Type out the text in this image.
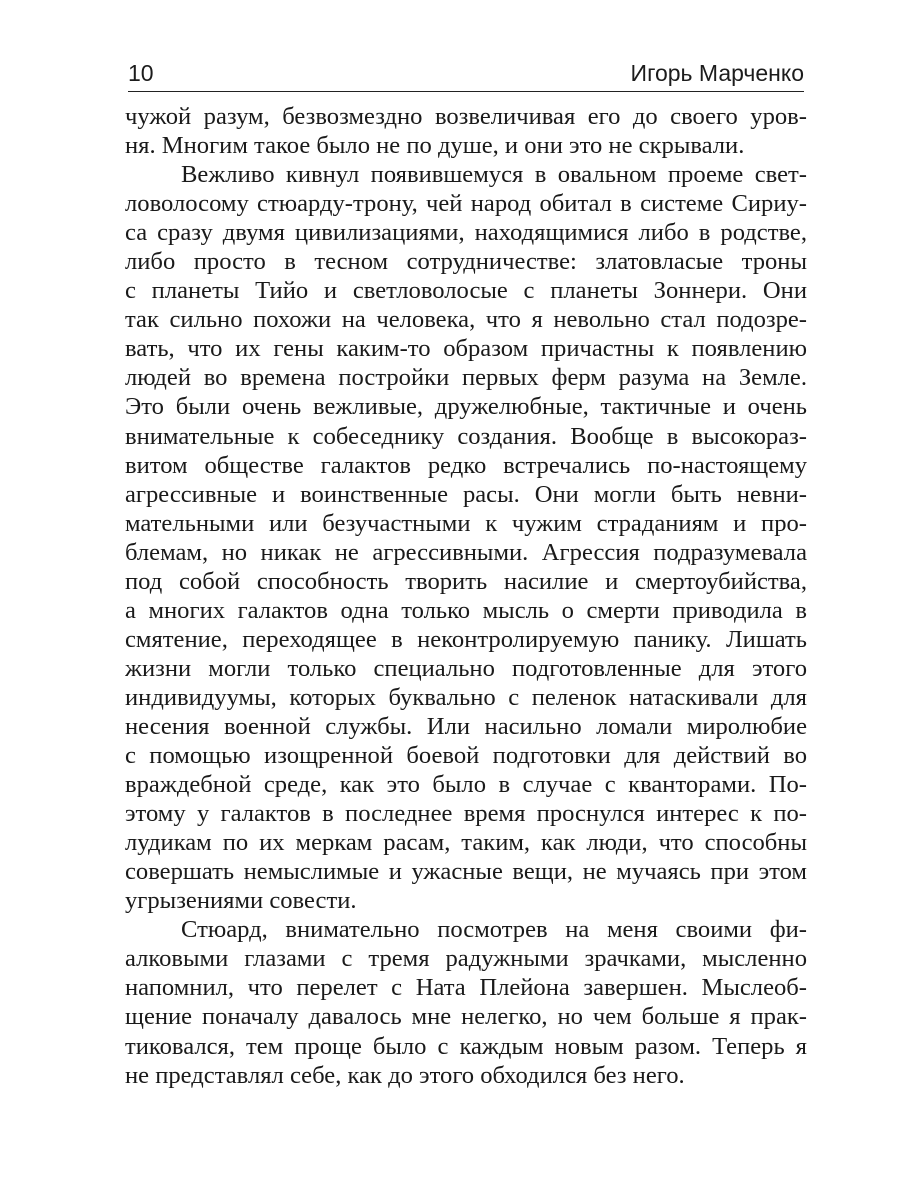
10	Игорь Марченко
чужой разум, безвозмездно возвеличивая его до своего уров-
ня. Многим такое было не по душе, и они это не скрывали.
Вежливо кивнул появившемуся в овальном проеме свет-
ловолосому стюарду-трону, чей народ обитал в системе Сириу-
са сразу двумя цивилизациями, находящимися либо в родстве,
либо просто в тесном сотрудничестве: златовласые троны
с планеты Тийо и светловолосые с планеты Зоннери. Они
так сильно похожи на человека, что я невольно стал подозре-
вать, что их гены каким-то образом причастны к появлению
людей во времена постройки первых ферм разума на Земле.
Это были очень вежливые, дружелюбные, тактичные и очень
внимательные к собеседнику создания. Вообще в высокораз-
витом обществе галактов редко встречались по-настоящему
агрессивные и воинственные расы. Они могли быть невни-
мательными или безучастными к чужим страданиям и про-
блемам, но никак не агрессивными. Агрессия подразумевала
под собой способность творить насилие и смертоубийства,
а многих галактов одна только мысль о смерти приводила в
смятение, переходящее в неконтролируемую панику. Лишать
жизни могли только специально подготовленные для этого
индивидуумы, которых буквально с пеленок натаскивали для
несения военной службы. Или насильно ломали миролюбие
с помощью изощренной боевой подготовки для действий во
враждебной среде, как это было в случае с кванторами. По-
этому у галактов в последнее время проснулся интерес к по-
лудикам по их меркам расам, таким, как люди, что способны
совершать немыслимые и ужасные вещи, не мучаясь при этом
угрызениями совести.
Стюард, внимательно посмотрев на меня своими фи-
алковыми глазами с тремя радужными зрачками, мысленно
напомнил, что перелет с Ната Плейона завершен. Мыслеоб-
щение поначалу давалось мне нелегко, но чем больше я прак-
тиковался, тем проще было с каждым новым разом. Теперь я
не представлял себе, как до этого обходился без него.
